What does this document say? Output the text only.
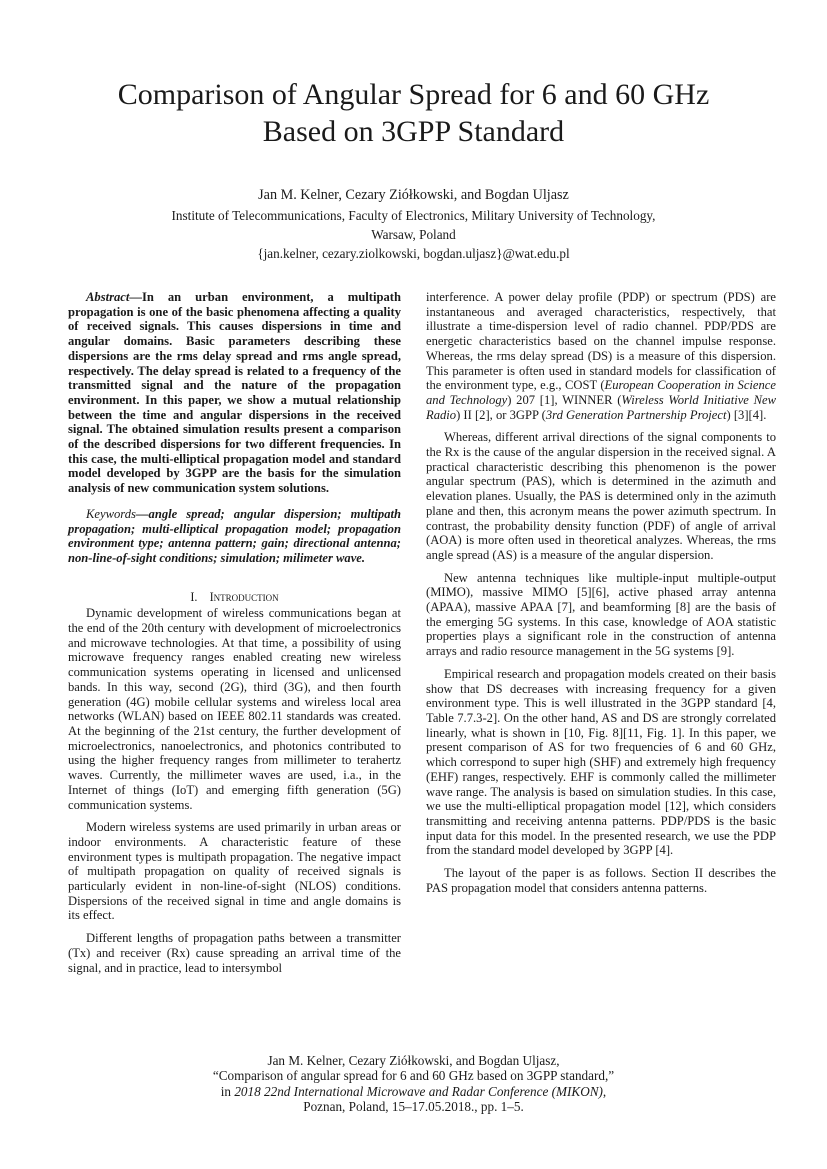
Comparison of Angular Spread for 6 and 60 GHz
Based on 3GPP Standard
Jan M. Kelner, Cezary Ziółkowski, and Bogdan Uljasz
Institute of Telecommunications, Faculty of Electronics, Military University of Technology,
Warsaw, Poland
{jan.kelner, cezary.ziolkowski, bogdan.uljasz}@wat.edu.pl

Abstract—In an urban environment, a multipath propagation is one of the basic phenomena affecting a quality of received signals. This causes dispersions in time and angular domains. Basic parameters describing these dispersions are the rms delay spread and rms angle spread, respectively. The delay spread is related to a frequency of the transmitted signal and the nature of the propagation environment. In this paper, we show a mutual relationship between the time and angular dispersions in the received signal. The obtained simulation results present a comparison of the described dispersions for two different frequencies. In this case, the multi-elliptical propagation model and standard model developed by 3GPP are the basis for the simulation analysis of new communication system solutions.

Keywords—angle spread; angular dispersion; multipath propagation; multi-elliptical propagation model; propagation environment type; antenna pattern; gain; directional antenna; non-line-of-sight conditions; simulation; milimeter wave.

I.  Introduction

Dynamic development of wireless communications began at the end of the 20th century with development of microelectronics and microwave technologies. At that time, a possibility of using microwave frequency ranges enabled creating new wireless communication systems operating in licensed and unlicensed bands. In this way, second (2G), third (3G), and then fourth generation (4G) mobile cellular systems and wireless local area networks (WLAN) based on IEEE 802.11 standards was created. At the beginning of the 21st century, the further development of microelectronics, nanoelectronics, and photonics contributed to using the higher frequency ranges from millimeter to terahertz waves. Currently, the millimeter waves are used, i.a., in the Internet of things (IoT) and emerging fifth generation (5G) communication systems.

Modern wireless systems are used primarily in urban areas or indoor environments. A characteristic feature of these environment types is multipath propagation. The negative impact of multipath propagation on quality of received signals is particularly evident in non-line-of-sight (NLOS) conditions. Dispersions of the received signal in time and angle domains is its effect.

Different lengths of propagation paths between a transmitter (Tx) and receiver (Rx) cause spreading an arrival time of the signal, and in practice, lead to intersymbol

interference. A power delay profile (PDP) or spectrum (PDS) are instantaneous and averaged characteristics, respectively, that illustrate a time-dispersion level of radio channel. PDP/PDS are energetic characteristics based on the channel impulse response. Whereas, the rms delay spread (DS) is a measure of this dispersion. This parameter is often used in standard models for classification of the environment type, e.g., COST (European Cooperation in Science and Technology) 207 [1], WINNER (Wireless World Initiative New Radio) II [2], or 3GPP (3rd Generation Partnership Project) [3][4].

Whereas, different arrival directions of the signal components to the Rx is the cause of the angular dispersion in the received signal. A practical characteristic describing this phenomenon is the power angular spectrum (PAS), which is determined in the azimuth and elevation planes. Usually, the PAS is determined only in the azimuth plane and then, this acronym means the power azimuth spectrum. In contrast, the probability density function (PDF) of angle of arrival (AOA) is more often used in theoretical analyzes. Whereas, the rms angle spread (AS) is a measure of the angular dispersion.

New antenna techniques like multiple-input multiple-output (MIMO), massive MIMO [5][6], active phased array antenna (APAA), massive APAA [7], and beamforming [8] are the basis of the emerging 5G systems. In this case, knowledge of AOA statistic properties plays a significant role in the construction of antenna arrays and radio resource management in the 5G systems [9].

Empirical research and propagation models created on their basis show that DS decreases with increasing frequency for a given environment type. This is well illustrated in the 3GPP standard [4, Table 7.7.3-2]. On the other hand, AS and DS are strongly correlated linearly, what is shown in [10, Fig. 8][11, Fig. 1]. In this paper, we present comparison of AS for two frequencies of 6 and 60 GHz, which correspond to super high (SHF) and extremely high frequency (EHF) ranges, respectively. EHF is commonly called the millimeter wave range. The analysis is based on simulation studies. In this case, we use the multi-elliptical propagation model [12], which considers transmitting and receiving antenna patterns. PDP/PDS is the basic input data for this model. In the presented research, we use the PDP from the standard model developed by 3GPP [4].

The layout of the paper is as follows. Section II describes the PAS propagation model that considers antenna patterns.

Jan M. Kelner, Cezary Ziółkowski, and Bogdan Uljasz,
“Comparison of angular spread for 6 and 60 GHz based on 3GPP standard,”
in 2018 22nd International Microwave and Radar Conference (MIKON),
Poznan, Poland, 15–17.05.2018., pp. 1–5.
